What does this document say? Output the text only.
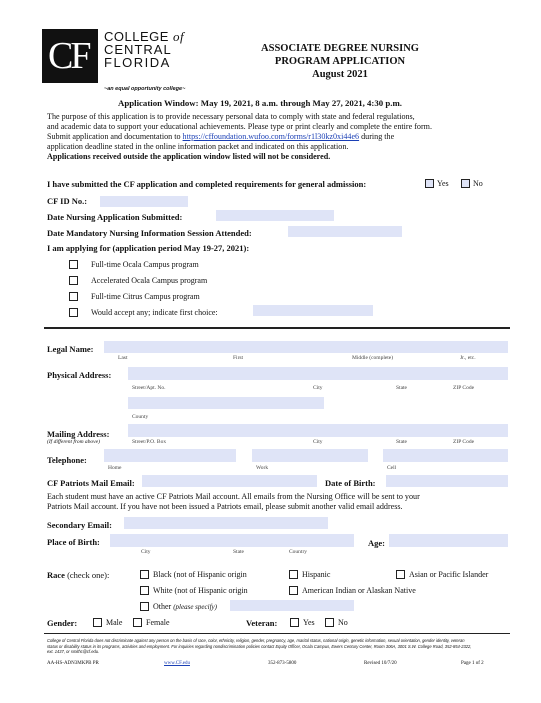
CF COLLEGE of
CENTRAL
FLORIDA
~an equal opportunity college~
ASSOCIATE DEGREE NURSING
PROGRAM APPLICATION
August 2021
Application Window: May 19, 2021, 8 a.m. through May 27, 2021, 4:30 p.m.
The purpose of this application is to provide necessary personal data to comply with state and federal regulations,
and academic data to support your educational achievements. Please type or print clearly and complete the entire form.
Submit application and documentation to https://cffoundation.wufoo.com/forms/r1l30kz0xi44e6 during the
application deadline stated in the online information packet and indicated on this application.
Applications received outside the application window listed will not be considered.
I have submitted the CF application and completed requirements for general admission:	Yes	No
CF ID No.:
Date Nursing Application Submitted:
Date Mandatory Nursing Information Session Attended:
I am applying for (application period May 19-27, 2021):
Full-time Ocala Campus program
Accelerated Ocala Campus program
Full-time Citrus Campus program
Would accept any; indicate first choice:
Legal Name:
Last	First	Middle (complete)	Jr., etc.
Physical Address:
Street/Apt. No.	City	State	ZIP Code
County
Mailing Address:
(If different from above)	Street/P.O. Box	City	State	ZIP Code
Telephone:
Home	Work	Cell
CF Patriots Mail Email:	Date of Birth:
Each student must have an active CF Patriots Mail account. All emails from the Nursing Office will be sent to your
Patriots Mail account. If you have not been issued a Patriots email, please submit another valid email address.
Secondary Email:
Place of Birth:	Age:
City	State	Country
Race (check one):	Black (not of Hispanic origin	Hispanic	Asian or Pacific Islander
White (not of Hispanic origin	American Indian or Alaskan Native
Other (please specify)
Gender:	Male	Female	Veteran:	Yes	No
College of Central Florida does not discriminate against any person on the basis of race, color, ethnicity, religion, gender, pregnancy, age, marital status, national origin, genetic information, sexual orientation, gender identity, veteran
status or disability status in its programs, activities and employment. For inquiries regarding nondiscrimination policies contact Equity Officer, Ocala Campus, Ewers Century Center, Room 306A, 3001 S.W. College Road, 352-854-2322,
ext. 1437, or smithc@cf.edu.
AA-HS-ADN3MKPB PR	www.CF.edu	352-873-5800	Revised 10/7/20	Page 1 of 2
